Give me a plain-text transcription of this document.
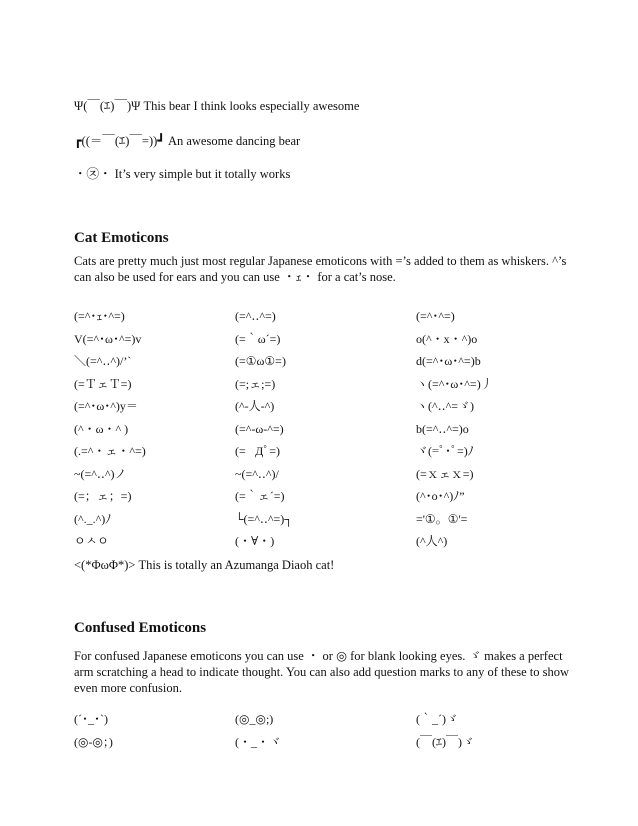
Ψ(￣(ｴ)￣)Ψ This bear I think looks especially awesome
┏((＝￣(ｴ)￣=))┛ An awesome dancing bear
・㉨・ It’s very simple but it totally works
Cat Emoticons
Cats are pretty much just most regular Japanese emoticons with =’s added to them as whiskers. ^’s can also be used for ears and you can use ・ｪ・ for a cat’s nose.
(=^･ｪ･^=)	(=^‥^=)	(=^･^=)
V(=^･ω･^=)v	(=｀ω´=)	o(^・x・^)o
＼(=^‥^)/’`	(=①ω①=)	d(=^･ω･^=)b
(=ＴェＴ=)	(=;ェ;=)	ヽ(=^･ω･^=)丿
(=^･ω･^)y＝	(^-人-^)	ヽ(^‥^=ゞ)
(^・ω・^ )	(=^-ω-^=)	b(=^‥^=)o
(.=^・ェ・^=)	(=ﾟДﾟ=)	ヾ(=ﾟ･ﾟ=)ﾉ
~(=^‥^)ノ	~(=^‥^)/	(=ｘェｘ=)
(=；ェ；=)	(=｀ェ´=)	(^･o･^)ﾉ”
(^._.^)ﾉ	└(=^‥^=)┐	='①。①'=
ㅇㅅㅇ	(・∀・)	(^人^)
<(*ΦωΦ*)> This is totally an Azumanga Diaoh cat!
Confused Emoticons
For confused Japanese emoticons you can use ・ or ◎ for blank looking eyes. ゞ makes a perfect arm scratching a head to indicate thought. You can also add question marks to any of these to show even more confusion.
(´･_･`)	(◎_◎;)	(｀_´)ゞ
(◎-◎；)	(・_・ヾ	(￣(ｴ)￣)ゞ
